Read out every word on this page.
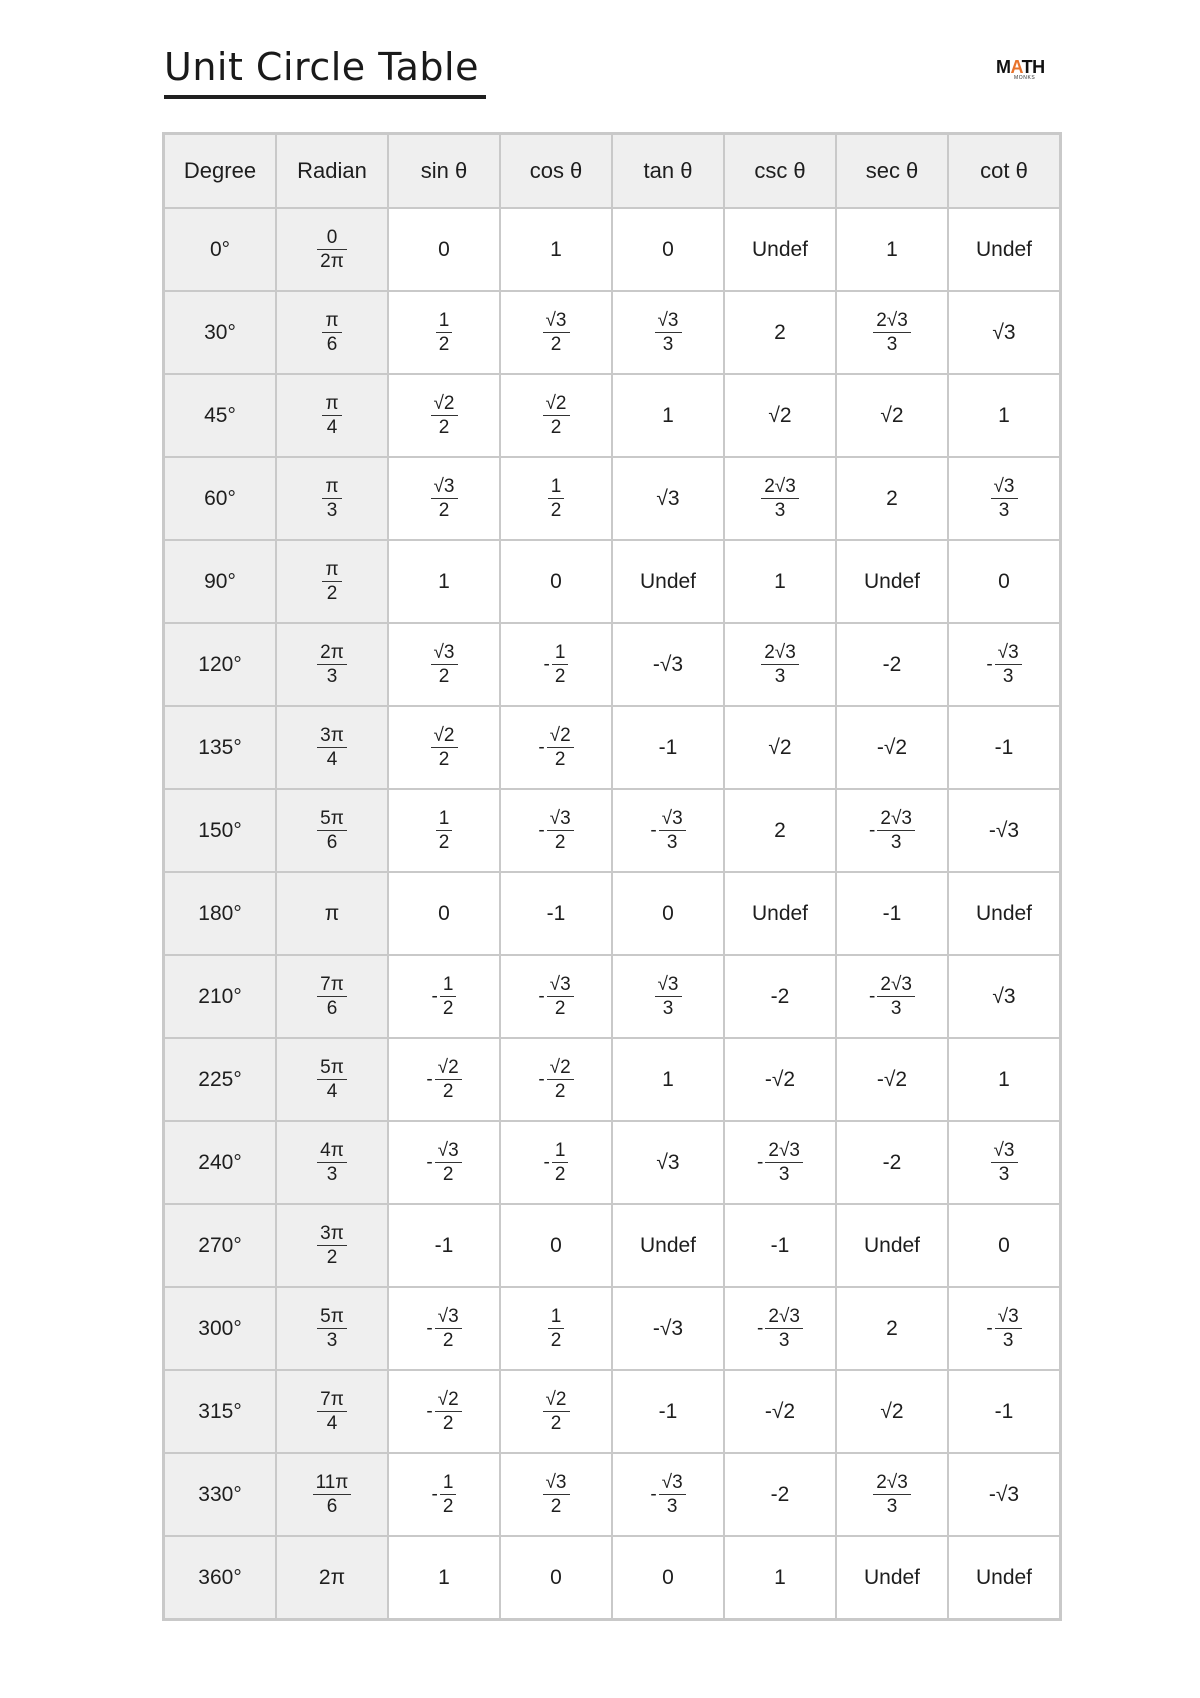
Unit Circle Table	MATH
MONKS
Degree	Radian	sin θ	cos θ	tan θ	csc θ	sec θ	cot θ
0°	$\frac{0}{2\pi}$	0	1	0	Undef	1	Undef
30°	$\frac{\pi}{6}$	$\frac{1}{2}$	$\frac{√3}{2}$	$\frac{√3}{3}$	2	$\frac{2√3}{3}$	√3
45°	$\frac{\pi}{4}$	$\frac{√2}{2}$	$\frac{√2}{2}$	1	√2	√2	1
60°	$\frac{\pi}{3}$	$\frac{√3}{2}$	$\frac{1}{2}$	√3	$\frac{2√3}{3}$	2	$\frac{√3}{3}$

90°	$\frac{\pi}{2}$	1	0	Undef	1	Undef	0
120°	$\frac{2\pi}{3}$	$\frac{√3}{2}$	- $\frac{1}{2}$	-√3	$\frac{2√3}{3}$	-2	- $\frac{√3}{3}$

135°	$\frac{3\pi}{4}$	$\frac{√2}{2}$	- $\frac{√2}{2}$	-1	√2	-√2	-1
150°	$\frac{5\pi}{6}$	$\frac{1}{2}$	- $\frac{√3}{2}$	- $\frac{√3}{3}$	2	- $\frac{2√3}{3}$	-√3
180°	π	0	-1	0	Undef	-1	Undef
210°	$\frac{7\pi}{6}$	- $\frac{1}{2}$	- $\frac{√3}{2}$	$\frac{√3}{3}$	-2	- $\frac{2√3}{3}$	√3
225°	$\frac{5\pi}{4}$	- $\frac{√2}{2}$	- $\frac{√2}{2}$	1	-√2	-√2	1
240°	$\frac{4\pi}{3}$	- $\frac{√3}{2}$	- $\frac{1}{2}$	√3	- $\frac{2√3}{3}$	-2	$\frac{√3}{3}$

270°	$\frac{3\pi}{2}$	-1	0	Undef	-1	Undef	0
300°	$\frac{5\pi}{3}$	- $\frac{√3}{2}$	$\frac{1}{2}$	-√3	- $\frac{2√3}{3}$	2	- $\frac{√3}{3}$

315°	$\frac{7\pi}{4}$	- $\frac{√2}{2}$	$\frac{√2}{2}$	-1	-√2	√2	-1
330°	$\frac{11\pi}{6}$	- $\frac{1}{2}$	$\frac{√3}{2}$	- $\frac{√3}{3}$	-2	$\frac{2√3}{3}$	-√3
360°	2π	1	0	0	1	Undef	Undef
